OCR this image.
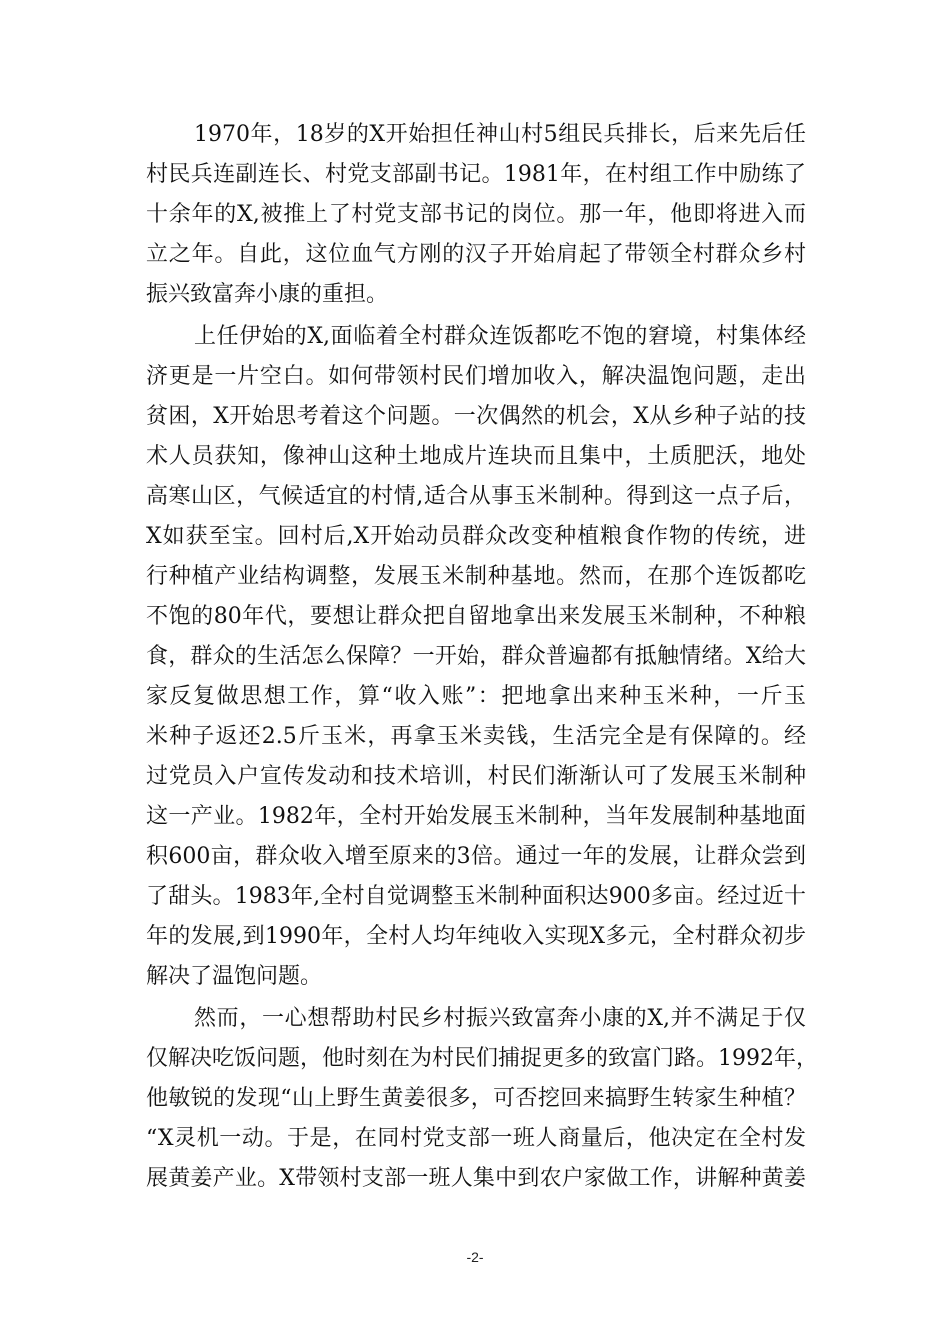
1970年，18岁的X开始担任神山村5组民兵排长，后来先后任
村民兵连副连长、村党支部副书记。1981年，在村组工作中励练了
十余年的X,被推上了村党支部书记的岗位。那一年，他即将进入而
立之年。自此，这位血气方刚的汉子开始肩起了带领全村群众乡村
振兴致富奔小康的重担。
上任伊始的X,面临着全村群众连饭都吃不饱的窘境，村集体经
济更是一片空白。如何带领村民们增加收入，解决温饱问题，走出
贫困，X开始思考着这个问题。一次偶然的机会，X从乡种子站的技
术人员获知，像神山这种土地成片连块而且集中，土质肥沃，地处
高寒山区，气候适宜的村情,适合从事玉米制种。得到这一点子后，
X如获至宝。回村后,X开始动员群众改变种植粮食作物的传统，进
行种植产业结构调整，发展玉米制种基地。然而，在那个连饭都吃
不饱的80年代，要想让群众把自留地拿出来发展玉米制种，不种粮
食，群众的生活怎么保障？一开始，群众普遍都有抵触情绪。X给大
家反复做思想工作，算“收入账”：把地拿出来种玉米种，一斤玉
米种子返还2.5斤玉米，再拿玉米卖钱，生活完全是有保障的。经
过党员入户宣传发动和技术培训，村民们渐渐认可了发展玉米制种
这一产业。1982年，全村开始发展玉米制种，当年发展制种基地面
积600亩，群众收入增至原来的3倍。通过一年的发展，让群众尝到
了甜头。1983年,全村自觉调整玉米制种面积达900多亩。经过近十
年的发展,到1990年，全村人均年纯收入实现X多元，全村群众初步
解决了温饱问题。
然而，一心想帮助村民乡村振兴致富奔小康的X,并不满足于仅
仅解决吃饭问题，他时刻在为村民们捕捉更多的致富门路。1992年，
他敏锐的发现“山上野生黄姜很多，可否挖回来搞野生转家生种植？
“X灵机一动。于是，在同村党支部一班人商量后，他决定在全村发
展黄姜产业。X带领村支部一班人集中到农户家做工作，讲解种黄姜
-2-
